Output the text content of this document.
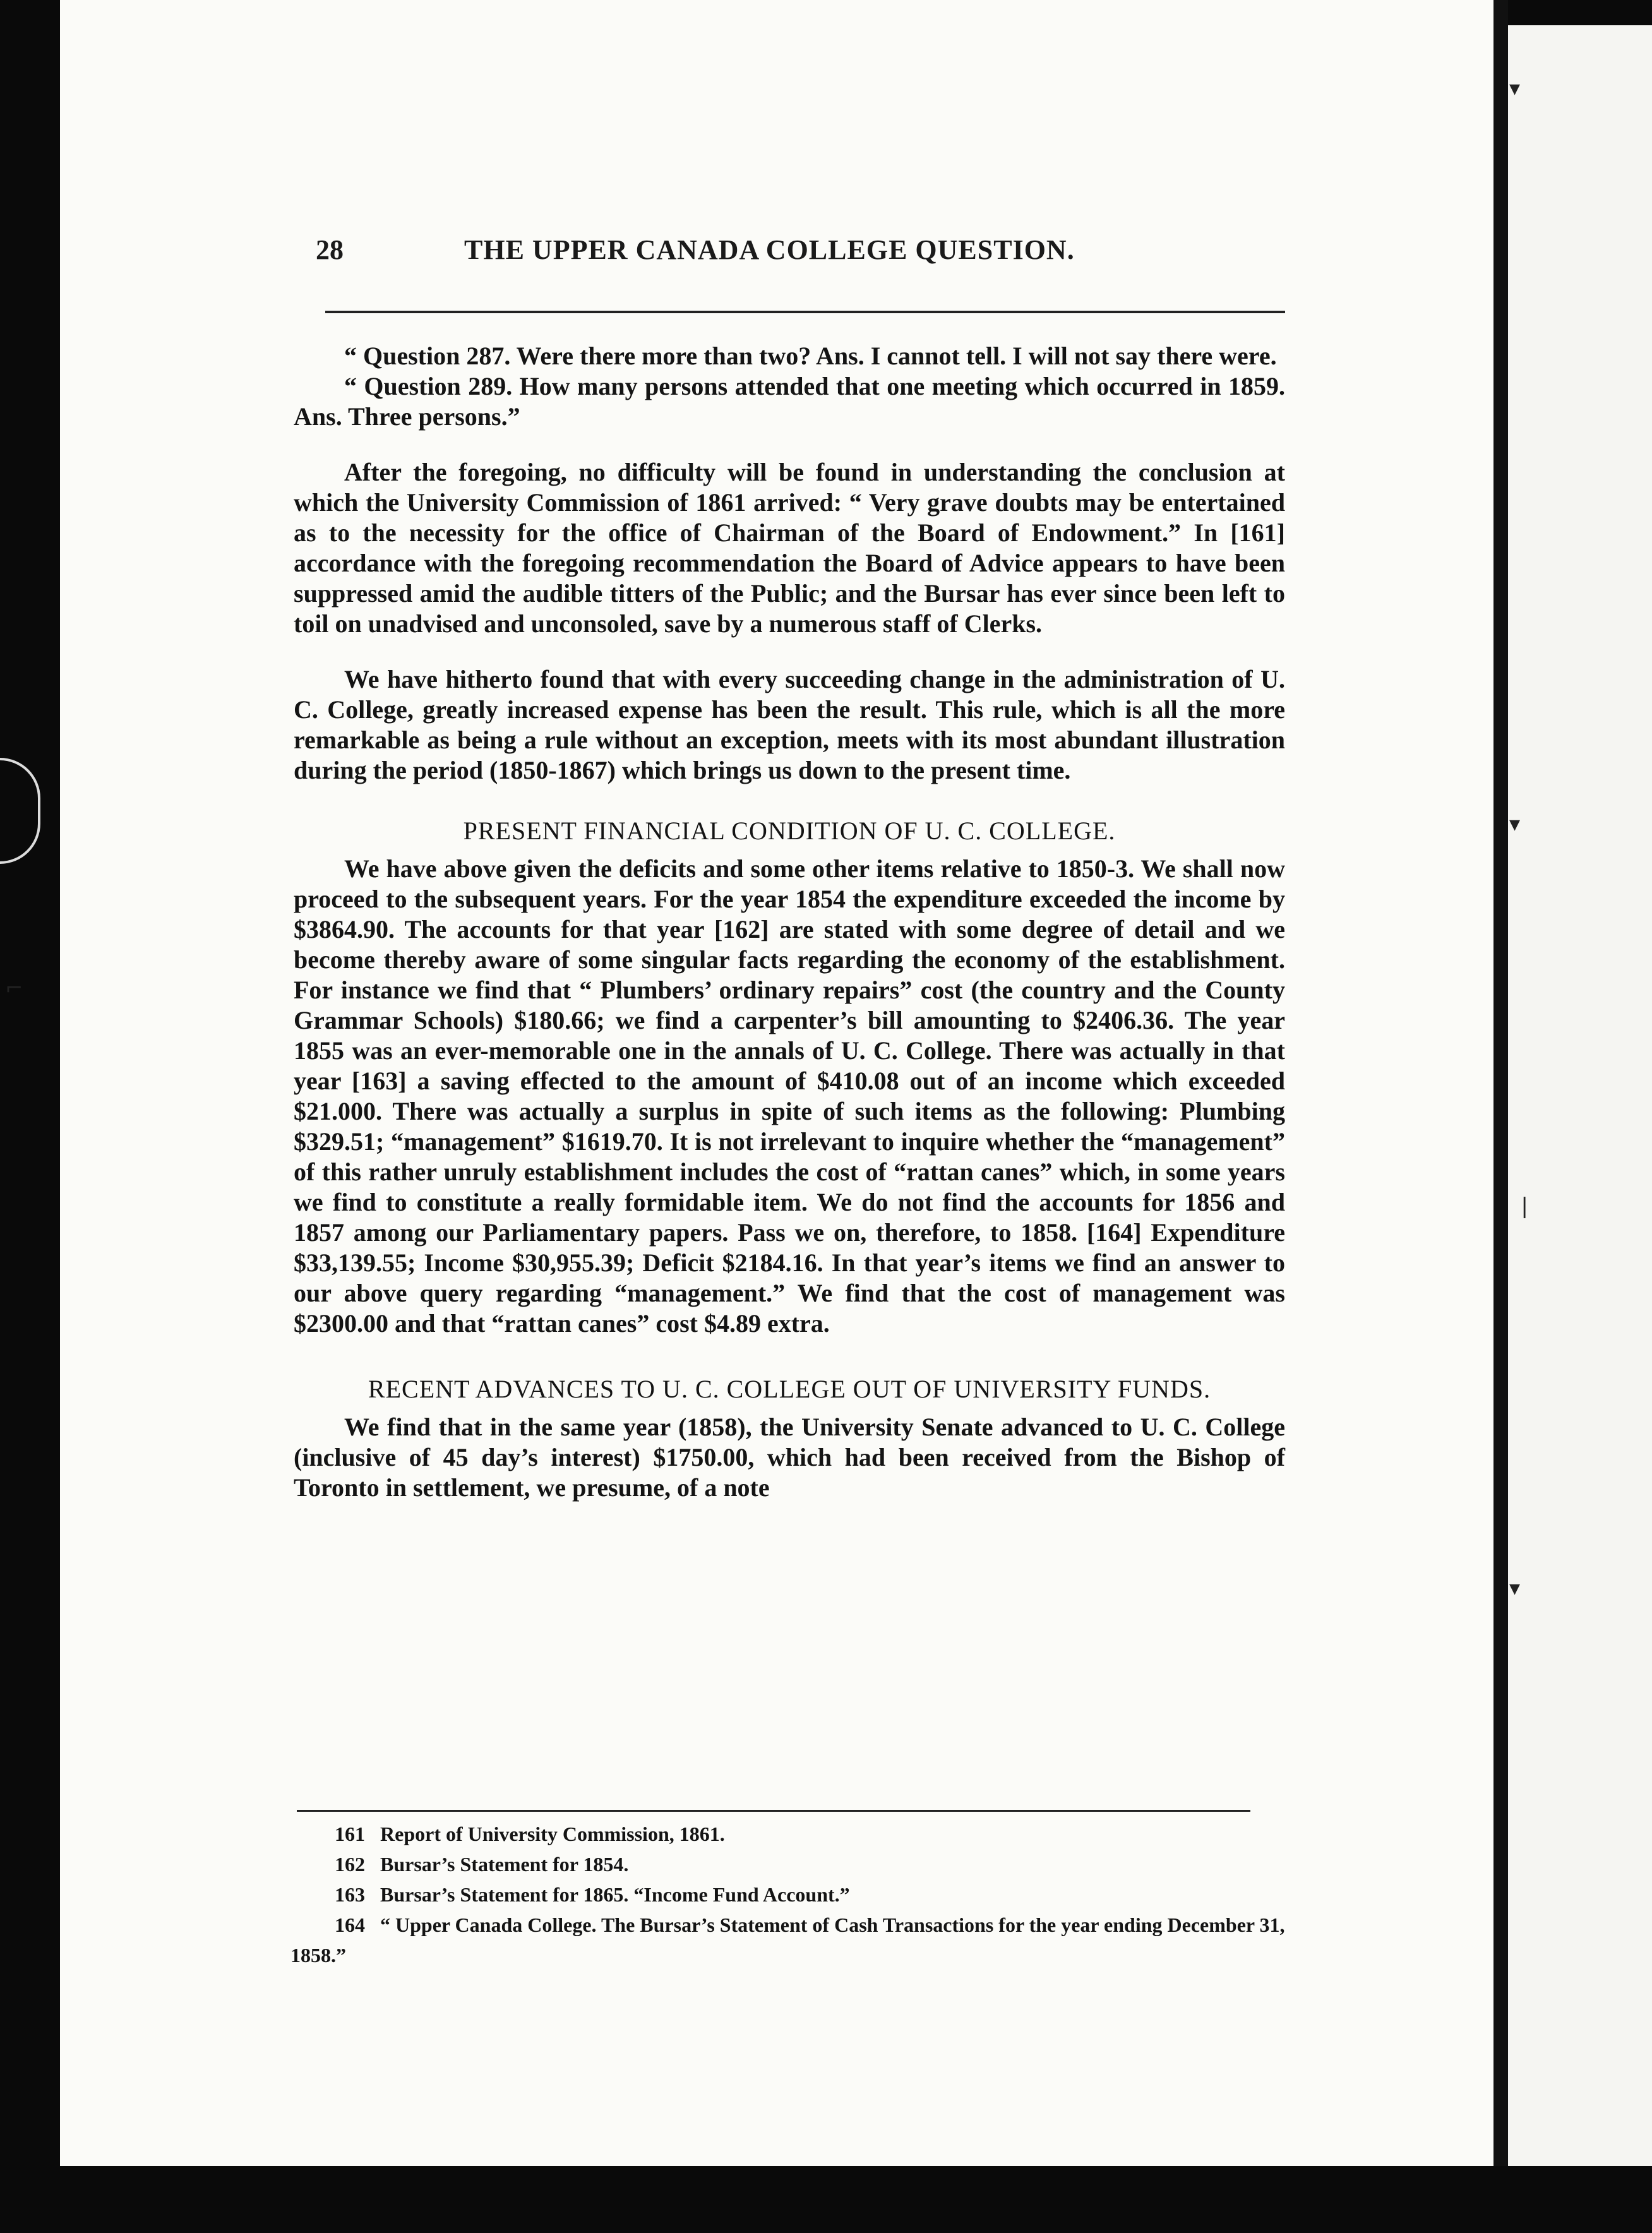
▾
▾
❘
▾
⌐
28	THE UPPER CANADA COLLEGE QUESTION.

“ Question 287. Were there more than two? Ans. I cannot tell. I will not say there were.

“ Question 289. How many persons attended that one meeting which occurred in 1859. Ans. Three persons.”

After the foregoing, no difficulty will be found in understanding the conclusion at which the University Commission of 1861 arrived: “ Very grave doubts may be entertained as to the necessity for the office of Chairman of the Board of Endowment.” In [161] accordance with the foregoing recommendation the Board of Advice appears to have been suppressed amid the audible titters of the Public; and the Bursar has ever since been left to toil on unadvised and unconsoled, save by a numerous staff of Clerks.

We have hitherto found that with every succeeding change in the administration of U. C. College, greatly increased expense has been the result. This rule, which is all the more remarkable as being a rule without an exception, meets with its most abundant illustration during the period (1850-1867) which brings us down to the present time.

PRESENT FINANCIAL CONDITION OF U. C. COLLEGE.

We have above given the deficits and some other items relative to 1850-3. We shall now proceed to the subsequent years. For the year 1854 the expenditure exceeded the income by $3864.90. The accounts for that year [162] are stated with some degree of detail and we become thereby aware of some singular facts regarding the economy of the establishment. For instance we find that “ Plumbers’ ordinary repairs” cost (the country and the County Grammar Schools) $180.66; we find a carpenter’s bill amounting to $2406.36. The year 1855 was an ever-memorable one in the annals of U. C. College. There was actually in that year [163] a saving effected to the amount of $410.08 out of an income which exceeded $21.000. There was actually a surplus in spite of such items as the following: Plumbing $329.51; “management” $1619.70. It is not irrelevant to inquire whether the “management” of this rather unruly establishment includes the cost of “rattan canes” which, in some years we find to constitute a really formidable item. We do not find the accounts for 1856 and 1857 among our Parliamentary papers. Pass we on, therefore, to 1858. [164] Expenditure $33,139.55; Income $30,955.39; Deficit $2184.16. In that year’s items we find an answer to our above query regarding “management.” We find that the cost of management was $2300.00 and that “rattan canes” cost $4.89 extra.

RECENT ADVANCES TO U. C. COLLEGE OUT OF UNIVERSITY FUNDS.

We find that in the same year (1858), the University Senate advanced to U. C. College (inclusive of 45 day’s interest) $1750.00, which had been received from the Bishop of Toronto in settlement, we presume, of a note

161 Report of University Commission, 1861.

162 Bursar’s Statement for 1854.

163 Bursar’s Statement for 1865. “Income Fund Account.”

164 “ Upper Canada College. The Bursar’s Statement of Cash Transactions for the year ending December 31, 1858.”
